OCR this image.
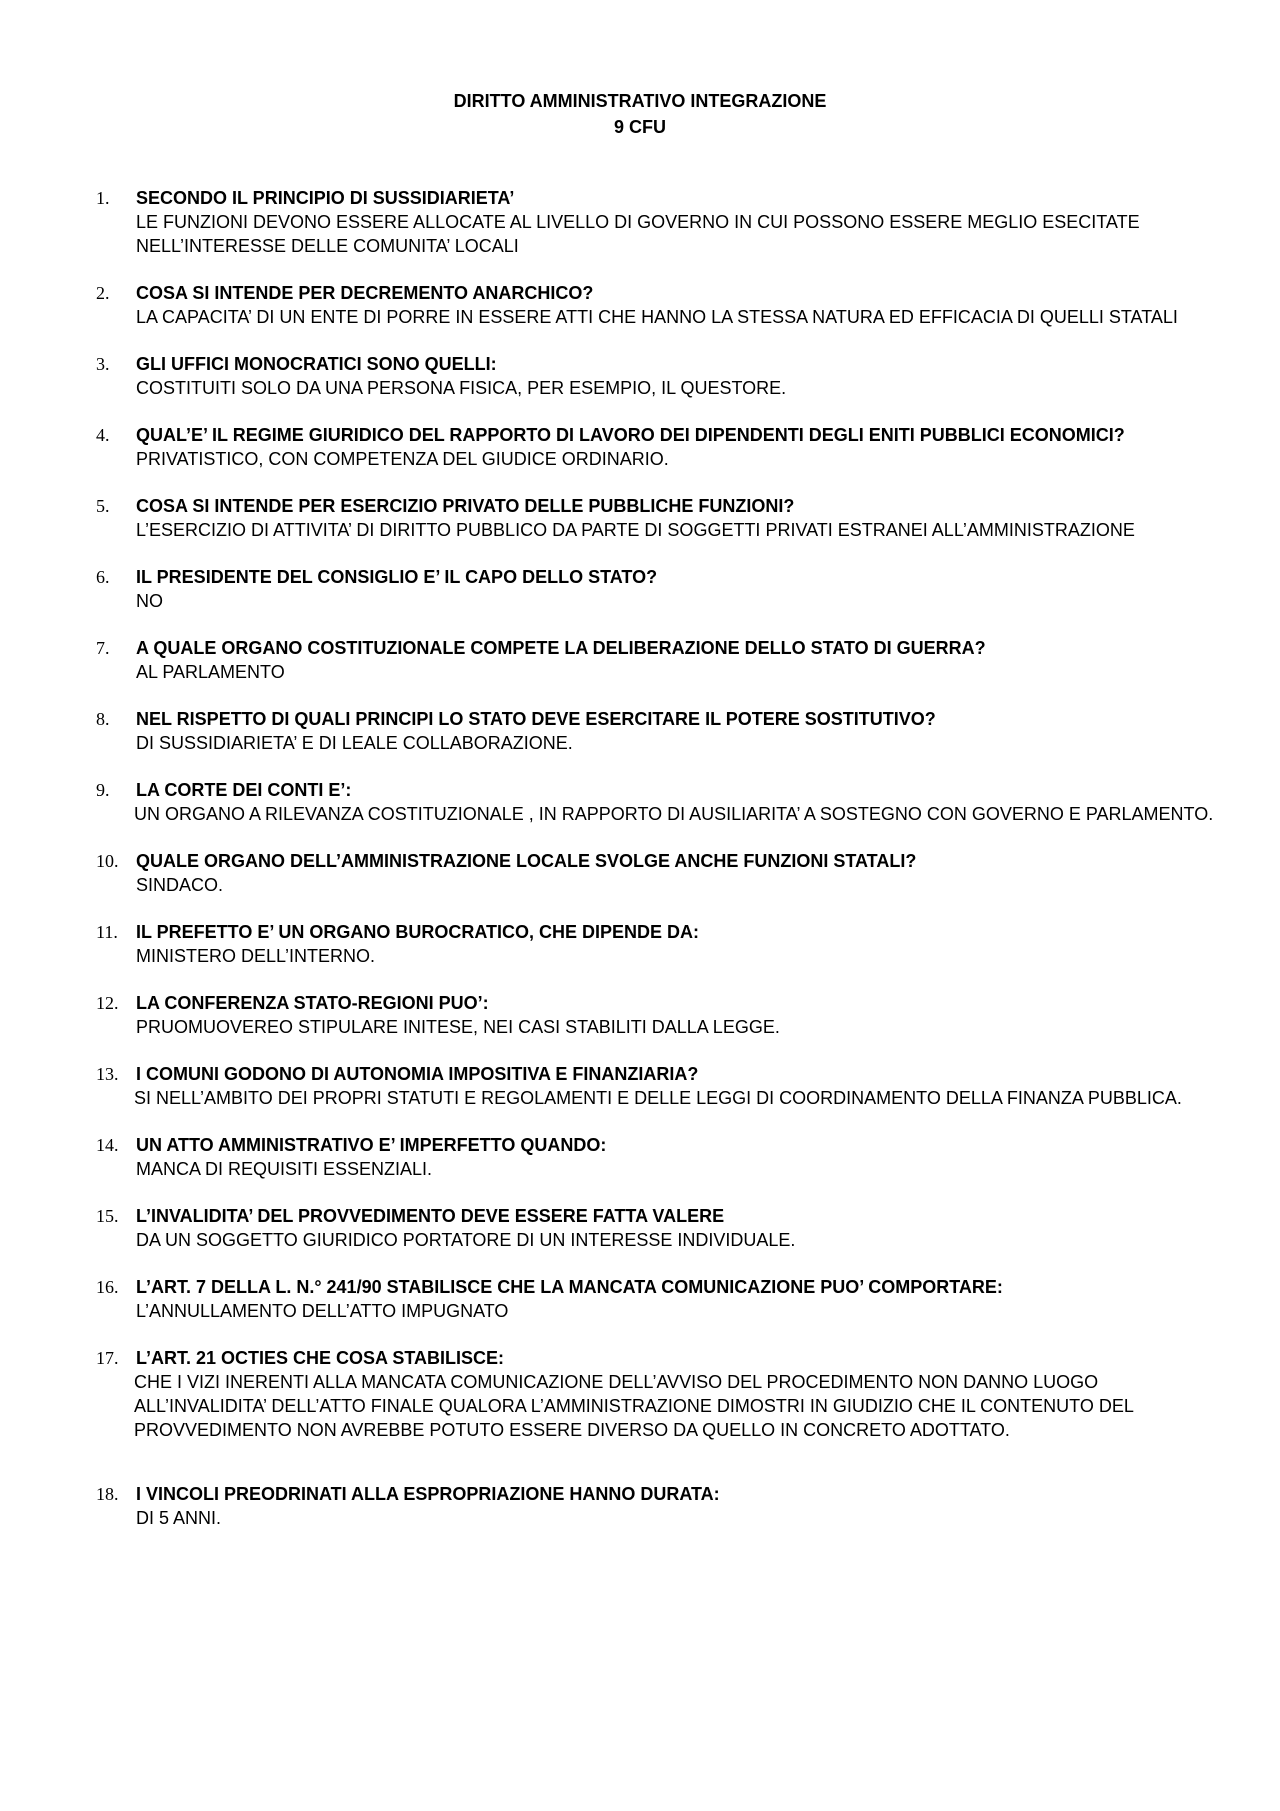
DIRITTO AMMINISTRATIVO INTEGRAZIONE
9 CFU
1.	SECONDO IL PRINCIPIO DI SUSSIDIARIETA’
LE FUNZIONI DEVONO ESSERE ALLOCATE AL LIVELLO DI GOVERNO IN CUI POSSONO ESSERE MEGLIO ESECITATE NELL’INTERESSE DELLE COMUNITA’ LOCALI
2.	COSA SI INTENDE PER DECREMENTO ANARCHICO?
LA CAPACITA’ DI UN ENTE DI PORRE IN ESSERE ATTI CHE HANNO LA STESSA NATURA ED EFFICACIA DI QUELLI STATALI
3.	GLI UFFICI MONOCRATICI SONO QUELLI:
COSTITUITI SOLO DA UNA PERSONA FISICA, PER ESEMPIO, IL QUESTORE.
4.	QUAL’E’ IL REGIME GIURIDICO DEL RAPPORTO DI LAVORO DEI DIPENDENTI DEGLI ENITI PUBBLICI ECONOMICI?
PRIVATISTICO, CON COMPETENZA DEL GIUDICE ORDINARIO.
5.	COSA SI INTENDE PER ESERCIZIO PRIVATO DELLE PUBBLICHE FUNZIONI?
L’ESERCIZIO DI ATTIVITA’ DI DIRITTO PUBBLICO DA PARTE DI SOGGETTI PRIVATI ESTRANEI ALL’AMMINISTRAZIONE
6.	IL PRESIDENTE DEL CONSIGLIO E’ IL CAPO DELLO STATO?
NO
7.	A QUALE ORGANO COSTITUZIONALE COMPETE LA DELIBERAZIONE DELLO STATO DI GUERRA?
AL PARLAMENTO
8.	NEL RISPETTO DI QUALI PRINCIPI LO STATO DEVE ESERCITARE IL POTERE SOSTITUTIVO?
DI SUSSIDIARIETA’ E DI LEALE COLLABORAZIONE.
9.	LA CORTE DEI CONTI E’:
UN ORGANO A RILEVANZA COSTITUZIONALE , IN RAPPORTO DI AUSILIARITA’ A SOSTEGNO CON GOVERNO E PARLAMENTO.
10. QUALE ORGANO DELL’AMMINISTRAZIONE LOCALE SVOLGE ANCHE FUNZIONI STATALI?
SINDACO.
11.	IL PREFETTO E’ UN ORGANO BUROCRATICO, CHE DIPENDE DA:
MINISTERO DELL’INTERNO.
12. LA CONFERENZA STATO-REGIONI PUO’:
PRUOMUOVEREO STIPULARE INITESE, NEI CASI STABILITI DALLA LEGGE.
13. I COMUNI GODONO DI AUTONOMIA IMPOSITIVA E FINANZIARIA?
SI NELL’AMBITO DEI PROPRI STATUTI E REGOLAMENTI E DELLE LEGGI DI COORDINAMENTO DELLA FINANZA PUBBLICA.
14. UN ATTO AMMINISTRATIVO E’ IMPERFETTO QUANDO:
MANCA DI REQUISITI ESSENZIALI.
15. L’INVALIDITA’ DEL PROVVEDIMENTO DEVE ESSERE FATTA VALERE
DA UN SOGGETTO GIURIDICO PORTATORE DI UN INTERESSE INDIVIDUALE.
16. L’ART. 7 DELLA L. N.° 241/90 STABILISCE CHE LA MANCATA COMUNICAZIONE PUO’ COMPORTARE:
L’ANNULLAMENTO DELL’ATTO IMPUGNATO
17. L’ART. 21 OCTIES CHE COSA STABILISCE:
CHE I VIZI INERENTI ALLA MANCATA COMUNICAZIONE DELL’AVVISO DEL PROCEDIMENTO NON DANNO LUOGO ALL’INVALIDITA’ DELL’ATTO FINALE QUALORA L’AMMINISTRAZIONE DIMOSTRI IN GIUDIZIO CHE IL CONTENUTO DEL PROVVEDIMENTO NON AVREBBE POTUTO ESSERE DIVERSO DA QUELLO IN CONCRETO ADOTTATO.
18. I VINCOLI PREODRINATI ALLA ESPROPRIAZIONE HANNO DURATA:
DI 5 ANNI.
